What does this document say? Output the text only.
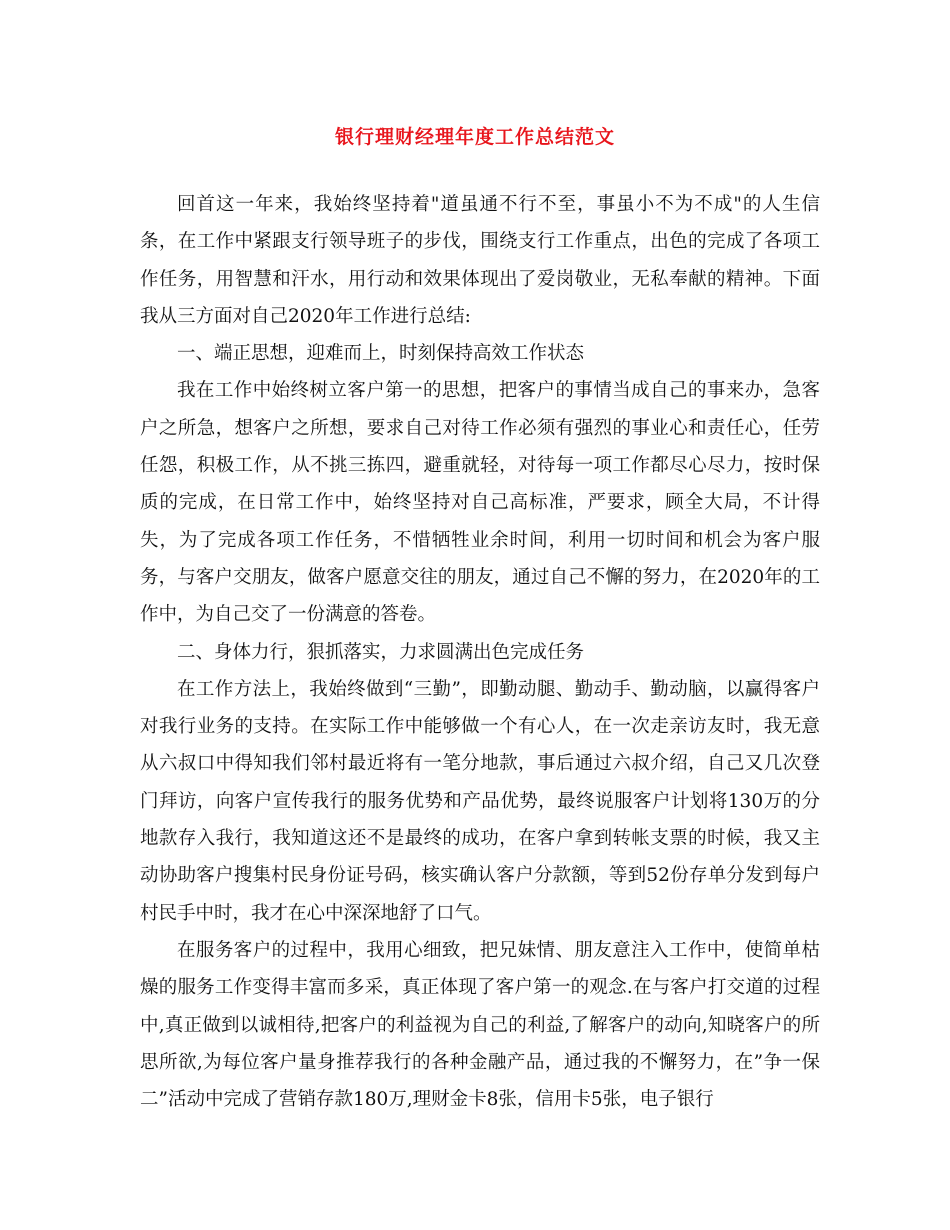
银行理财经理年度工作总结范文

回首这一年来，我始终坚持着"道虽通不行不至，事虽小不为不成"的人生信条，在工作中紧跟支行领导班子的步伐，围绕支行工作重点，出色的完成了各项工作任务，用智慧和汗水，用行动和效果体现出了爱岗敬业，无私奉献的精神。下面我从三方面对自己2020年工作进行总结:

一、端正思想，迎难而上，时刻保持高效工作状态

我在工作中始终树立客户第一的思想，把客户的事情当成自己的事来办，急客户之所急，想客户之所想，要求自己对待工作必须有强烈的事业心和责任心，任劳任怨，积极工作，从不挑三拣四，避重就轻，对待每一项工作都尽心尽力，按时保质的完成，在日常工作中，始终坚持对自己高标准，严要求，顾全大局，不计得失，为了完成各项工作任务，不惜牺牲业余时间，利用一切时间和机会为客户服务，与客户交朋友，做客户愿意交往的朋友，通过自己不懈的努力，在2020年的工作中，为自己交了一份满意的答卷。

二、身体力行，狠抓落实，力求圆满出色完成任务

在工作方法上，我始终做到“三勤”，即勤动腿、勤动手、勤动脑，以赢得客户对我行业务的支持。在实际工作中能够做一个有心人，在一次走亲访友时，我无意从六叔口中得知我们邻村最近将有一笔分地款，事后通过六叔介绍，自己又几次登门拜访，向客户宣传我行的服务优势和产品优势，最终说服客户计划将130万的分地款存入我行，我知道这还不是最终的成功，在客户拿到转帐支票的时候，我又主动协助客户搜集村民身份证号码，核实确认客户分款额，等到52份存单分发到每户村民手中时，我才在心中深深地舒了口气。

在服务客户的过程中，我用心细致，把兄妹情、朋友意注入工作中，使简单枯燥的服务工作变得丰富而多采，真正体现了客户第一的观念.在与客户打交道的过程中,真正做到以诚相待,把客户的利益视为自己的利益,了解客户的动向,知晓客户的所思所欲,为每位客户量身推荐我行的各种金融产品，通过我的不懈努力，在”争一保二”活动中完成了营销存款180万,理财金卡8张，信用卡5张，电子银行
